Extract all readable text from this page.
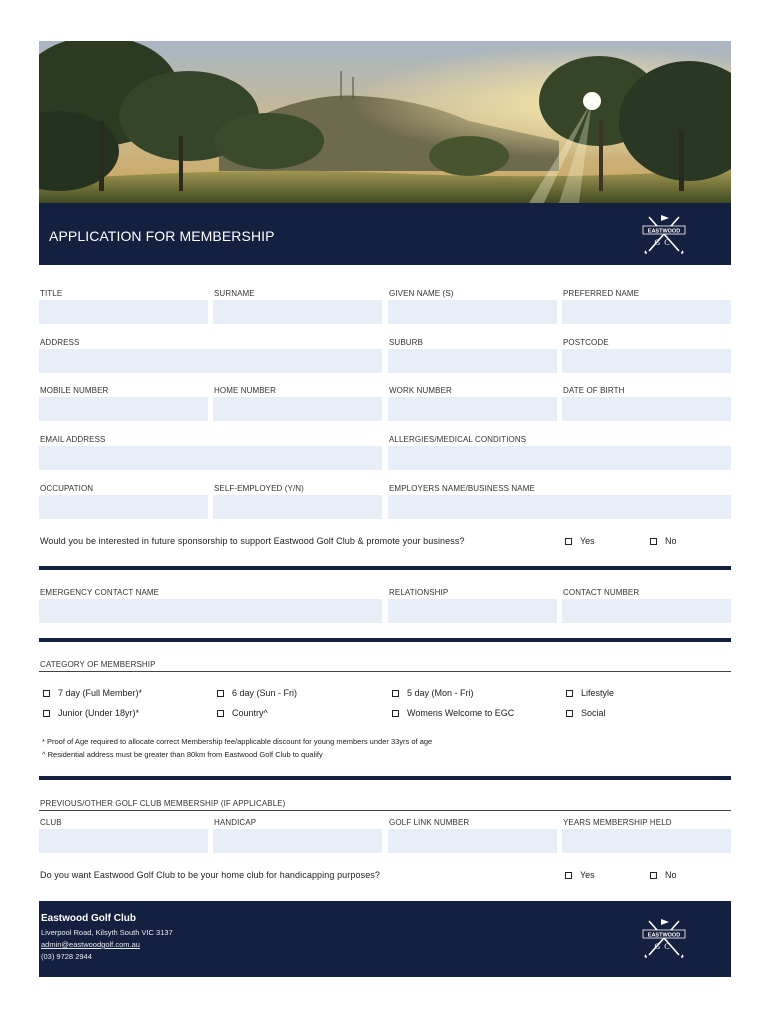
APPLICATION FOR MEMBERSHIP	EASTWOOD
GC
TITLE	SURNAME	GIVEN NAME (S)	PREFERRED NAME
ADDRESS	SUBURB	POSTCODE
MOBILE NUMBER	HOME NUMBER	WORK NUMBER	DATE OF BIRTH
EMAIL ADDRESS	ALLERGIES/MEDICAL CONDITIONS
OCCUPATION	SELF-EMPLOYED (Y/N)	EMPLOYERS NAME/BUSINESS NAME
Would you be interested in future sponsorship to support Eastwood Golf Club & promote your business?	Yes	No
EMERGENCY CONTACT NAME	RELATIONSHIP	CONTACT NUMBER
CATEGORY OF MEMBERSHIP
7 day (Full Member)*	6 day (Sun - Fri)	5 day (Mon - Fri)	Lifestyle
Junior (Under 18yr)*	Country^	Womens Welcome to EGC	Social
* Proof of Age required to allocate correct Membership fee/applicable discount for young members under 33yrs of age
^ Residential address must be greater than 80km from Eastwood Golf Club to qualify
PREVIOUS/OTHER GOLF CLUB MEMBERSHIP (IF APPLICABLE)
CLUB	HANDICAP	GOLF LINK NUMBER	YEARS MEMBERSHIP HELD
Do you want Eastwood Golf Club to be your home club for handicapping purposes?	Yes	No
Eastwood Golf Club
Liverpool Road, Kilsyth South VIC 3137
admin@eastwoodgolf.com.au
(03) 9728 2944
EASTWOOD
GC
